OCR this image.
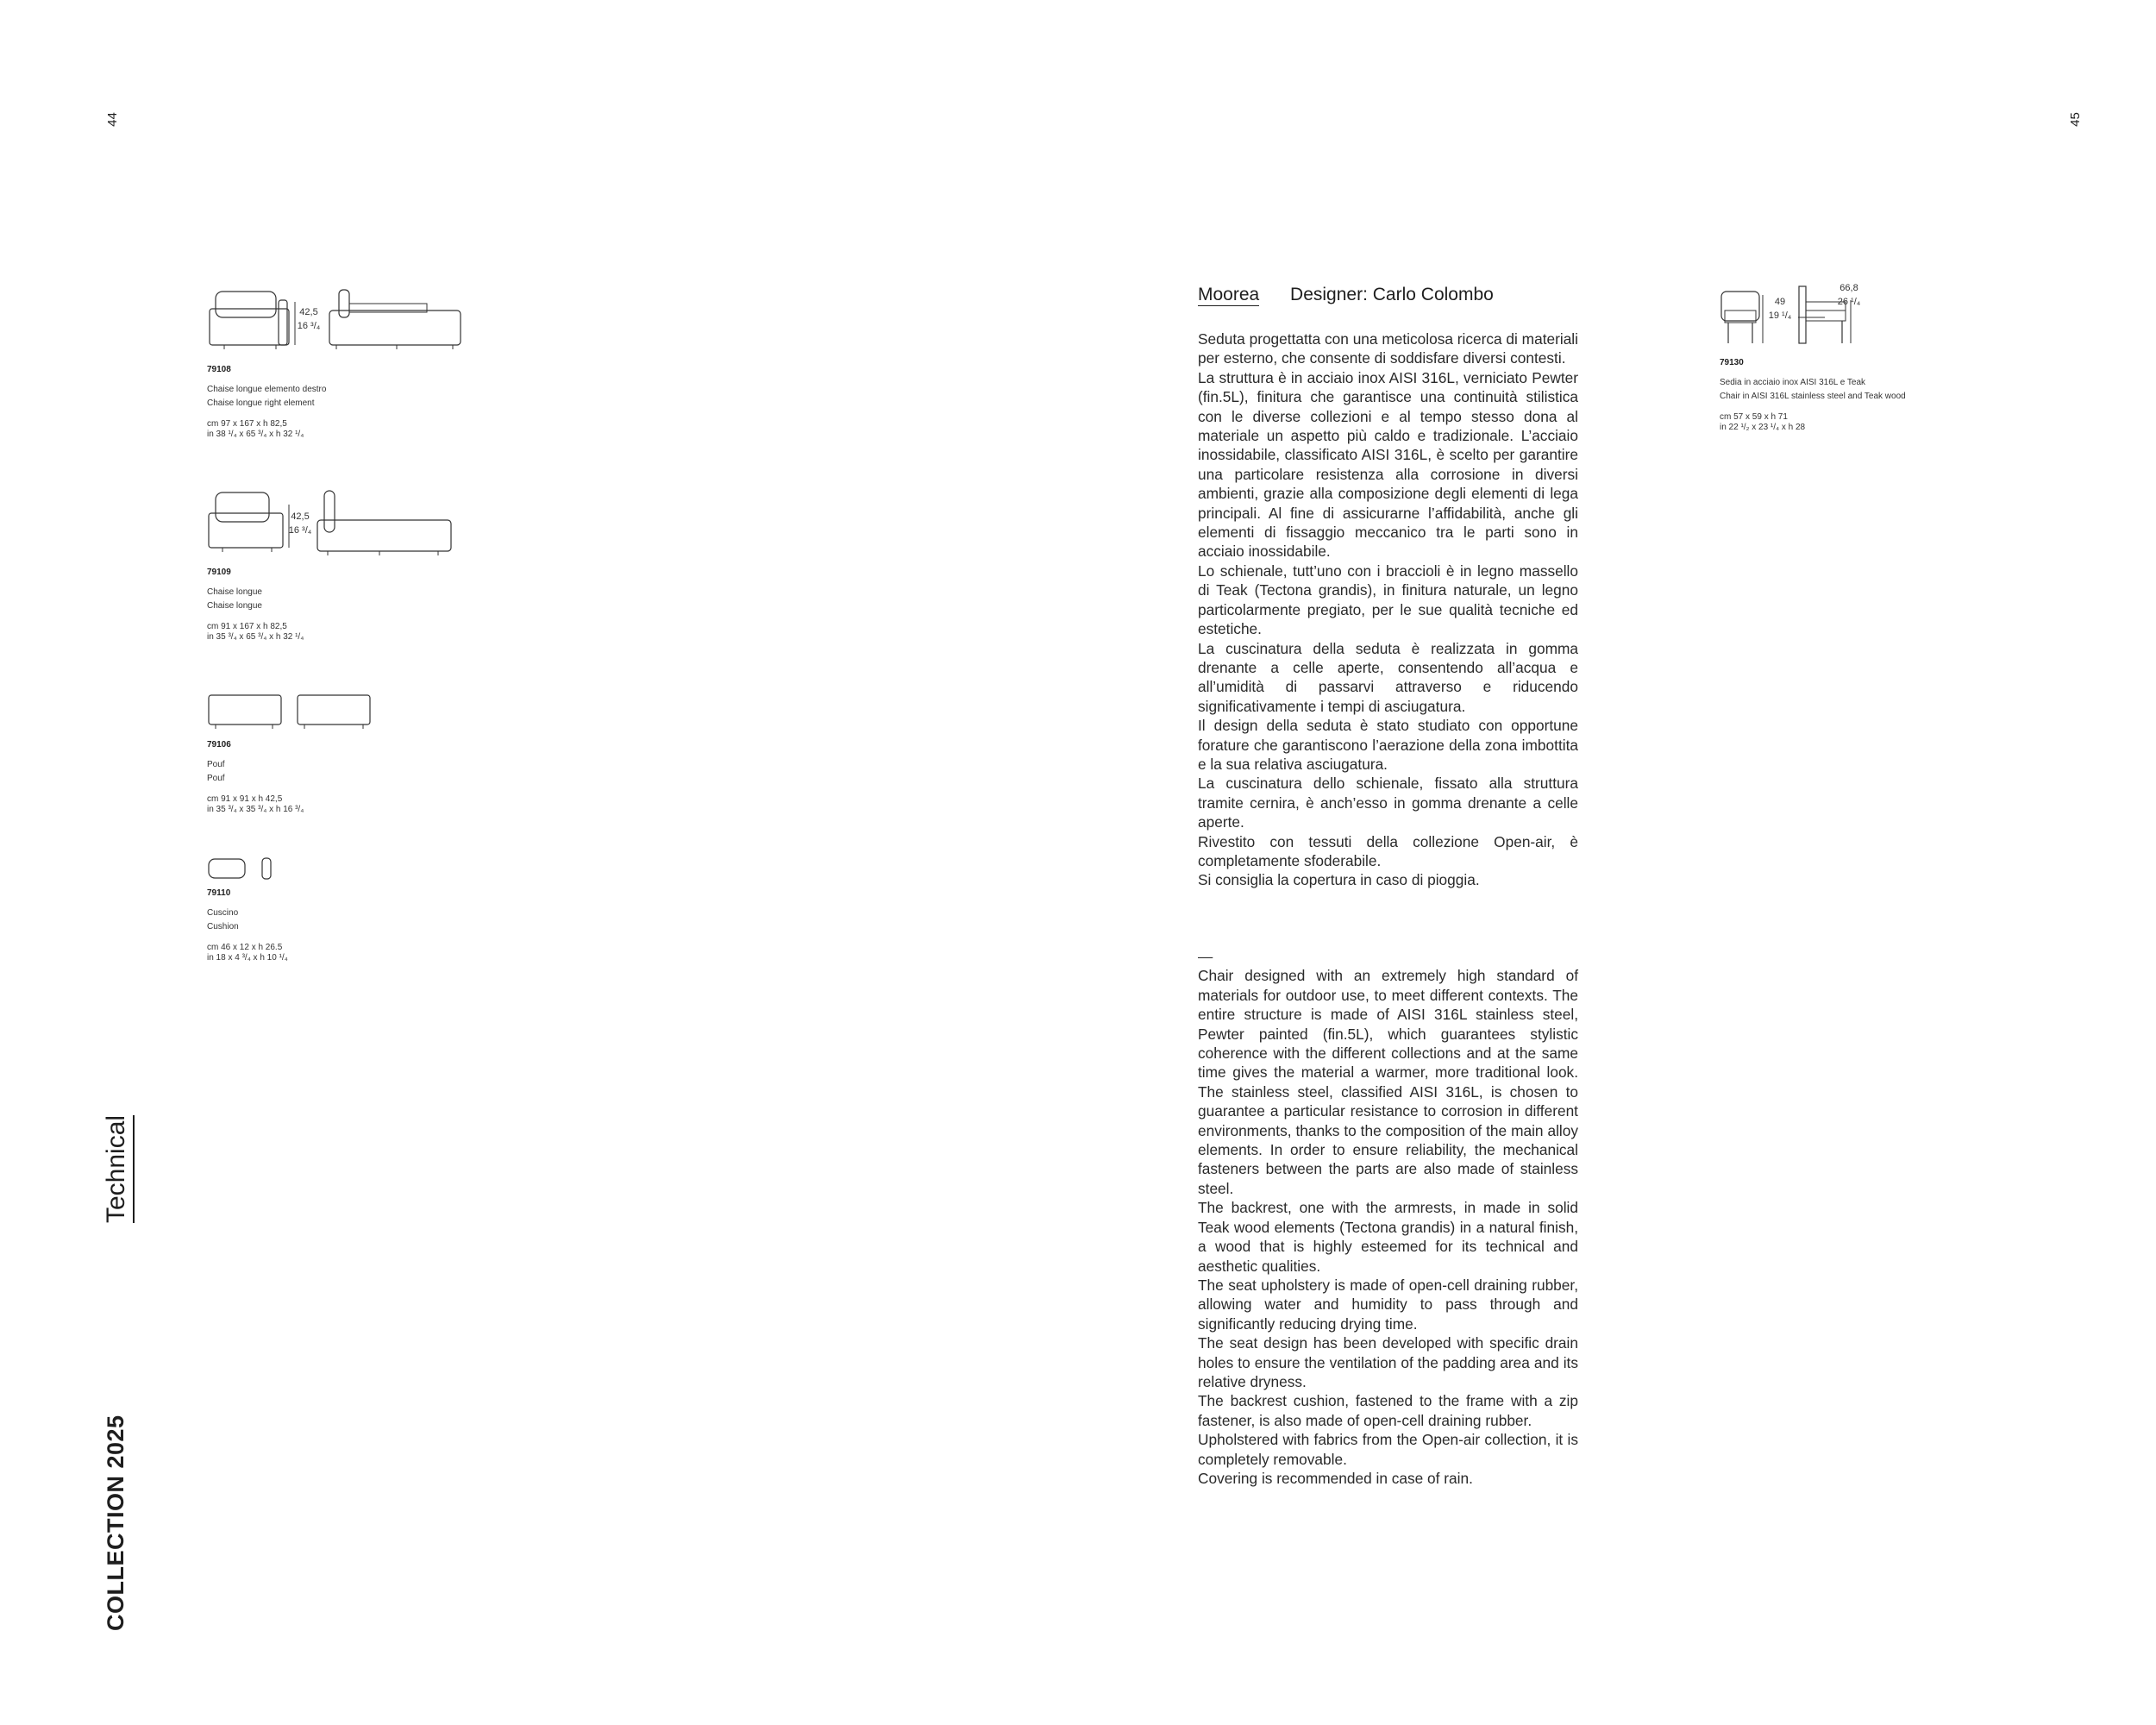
44	45
Technical
COLLECTION 2025
42,5
16 ³/₄
79108
Chaise longue elemento destro
Chaise longue right element
cm 97 x 167 x h 82,5
in 38 ¹/₄ x 65 ³/₄ x h 32 ¹/₄
42,5
16 ³/₄
79109
Chaise longue
Chaise longue
cm 91 x 167 x h 82,5
in 35 ³/₄ x 65 ³/₄ x h 32 ¹/₄
79106
Pouf
Pouf
cm 91 x 91 x h 42,5
in 35 ³/₄ x 35 ³/₄ x h 16 ³/₄
79110
Cuscino
Cushion
cm 46 x 12 x h 26.5
in 18 x 4 ³/₄ x h 10 ¹/₄
Moorea Designer: Carlo Colombo

Seduta progettatta con una meticolosa ricerca di materiali per esterno, che consente di soddisfare diversi contesti.

La struttura è in acciaio inox AISI 316L, verniciato Pewter (fin.5L), finitura che garantisce una continuità stilistica con le diverse collezioni e al tempo stesso dona al materiale un aspetto più caldo e tradizionale. L’acciaio inossidabile, classificato AISI 316L, è scelto per garantire una particolare resistenza alla corrosione in diversi ambienti, grazie alla composizione degli elementi di lega principali. Al fine di assicurarne l’affidabilità, anche gli elementi di fissaggio meccanico tra le parti sono in acciaio inossidabile.

Lo schienale, tutt’uno con i braccioli è in legno massello di Teak (Tectona grandis), in finitura naturale, un legno particolarmente pregiato, per le sue qualità tecniche ed estetiche.

La cuscinatura della seduta è realizzata in gomma drenante a celle aperte, consentendo all’acqua e all’umidità di passarvi attraverso e riducendo significativamente i tempi di asciugatura.

Il design della seduta è stato studiato con opportune forature che garantiscono l’aerazione della zona imbottita e la sua relativa asciugatura.

La cuscinatura dello schienale, fissato alla struttura tramite cernira, è anch’esso in gomma drenante a celle aperte.

Rivestito con tessuti della collezione Open-air, è completamente sfoderabile.

Si consiglia la copertura in caso di pioggia.

—

Chair designed with an extremely high standard of materials for outdoor use, to meet different contexts. The entire structure is made of AISI 316L stainless steel, Pewter painted (fin.5L), which guarantees stylistic coherence with the different collections and at the same time gives the material a warmer, more traditional look. The stainless steel, classified AISI 316L, is chosen to guarantee a particular resistance to corrosion in different environments, thanks to the composition of the main alloy elements. In order to ensure reliability, the mechanical fasteners between the parts are also made of stainless steel.

The backrest, one with the armrests, in made in solid Teak wood elements (Tectona grandis) in a natural finish, a wood that is highly esteemed for its technical and aesthetic qualities.

The seat upholstery is made of open-cell draining rubber, allowing water and humidity to pass through and significantly reducing drying time.

The seat design has been developed with specific drain holes to ensure the ventilation of the padding area and its relative dryness.

The backrest cushion, fastened to the frame with a zip fastener, is also made of open-cell draining rubber.

Upholstered with fabrics from the Open-air collection, it is completely removable.

Covering is recommended in case of rain.

49
19 ¹/₄
66,8
26 ¹/₄
79130
Sedia in acciaio inox AISI 316L e Teak
Chair in AISI 316L stainless steel and Teak wood
cm 57 x 59 x h 71
in 22 ¹/₂ x 23 ¹/₄ x h 28
